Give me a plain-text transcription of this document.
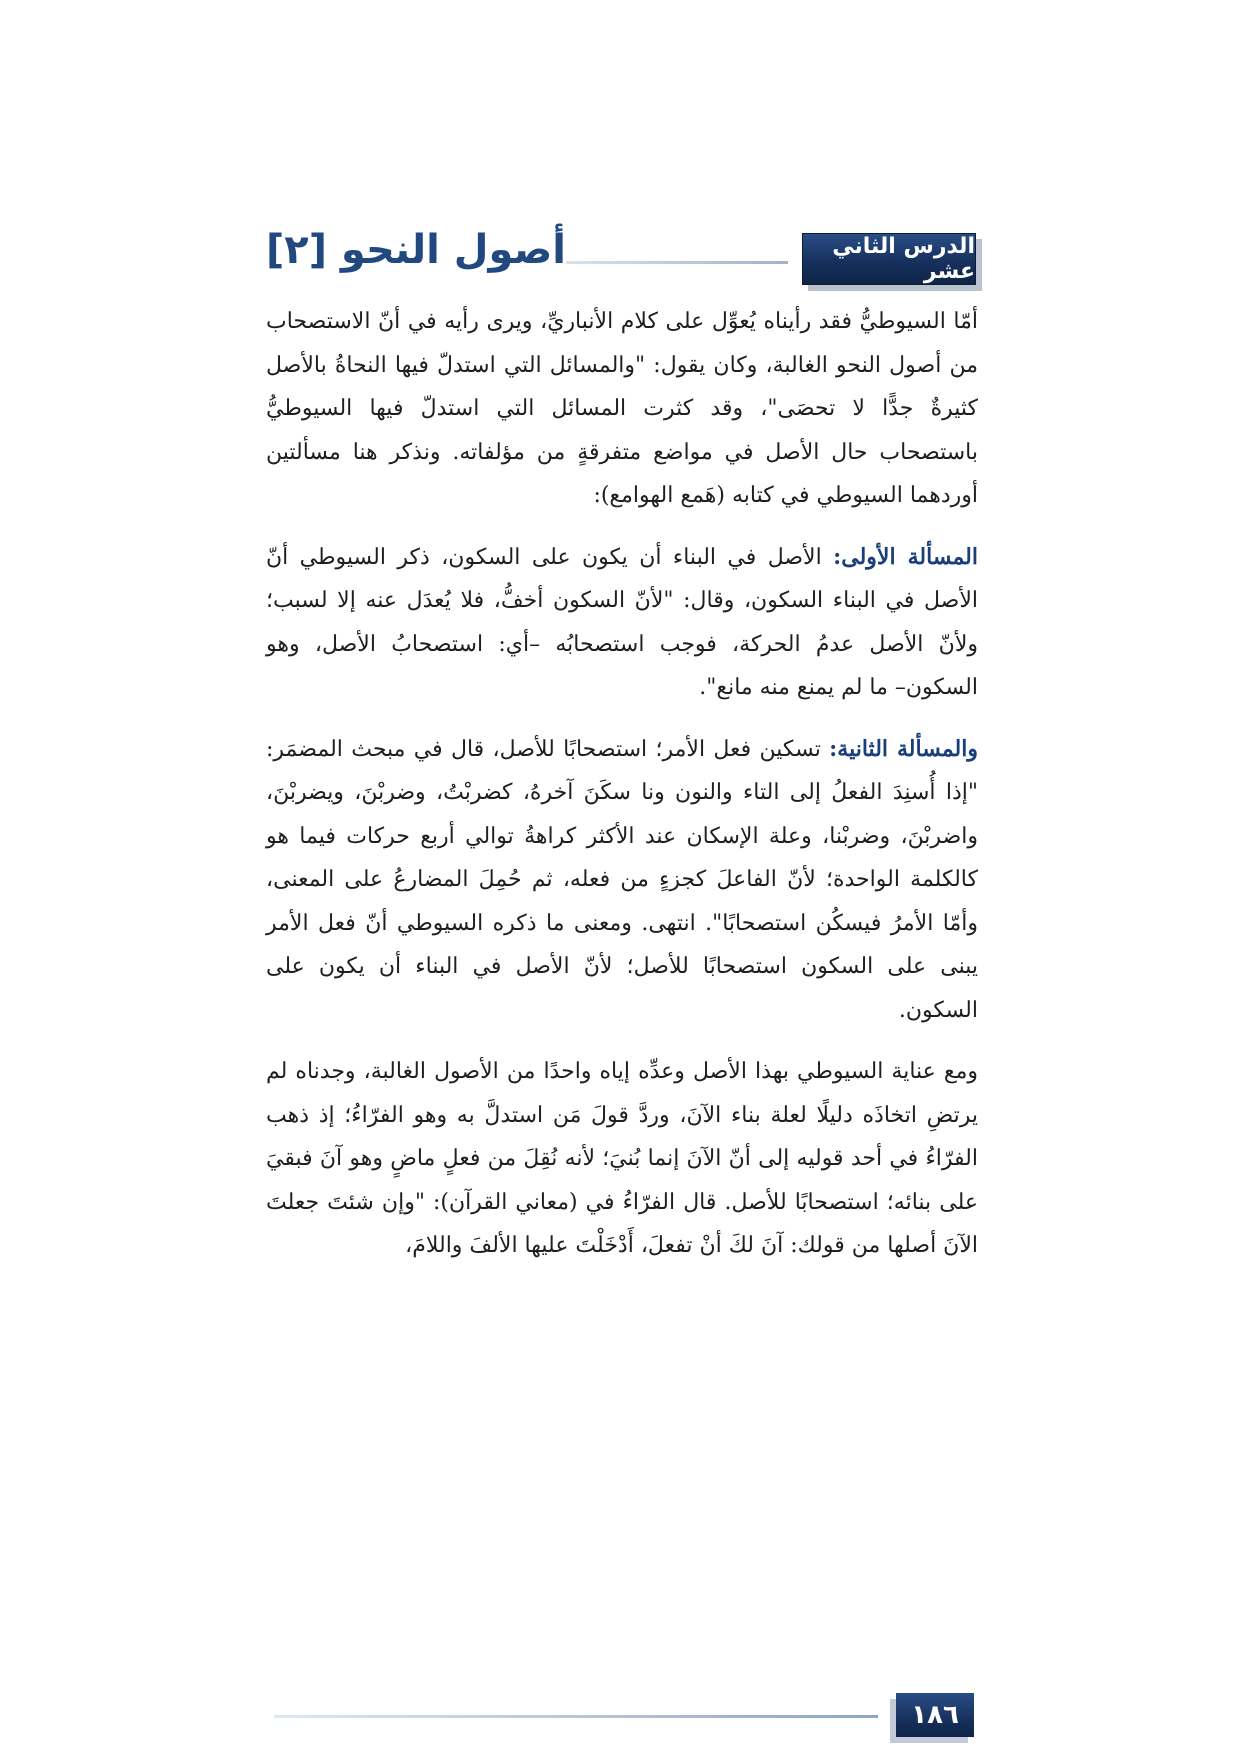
الدرس الثاني عشر
أصول النحو [٢]

أمّا السيوطيُّ فقد رأيناه يُعوِّل على كلام الأنباريِّ، ويرى رأيه في أنّ الاستصحاب من أصول النحو الغالبة، وكان يقول: "والمسائل التي استدلّ فيها النحاةُ بالأصل كثيرةٌ جدًّا لا تحصَى"، وقد كثرت المسائل التي استدلّ فيها السيوطيُّ باستصحاب حال الأصل في مواضع متفرقةٍ من مؤلفاته. ونذكر هنا مسألتين أوردهما السيوطي في كتابه (هَمع الهوامع):

المسألة الأولى: الأصل في البناء أن يكون على السكون، ذكر السيوطي أنّ الأصل في البناء السكون، وقال: "لأنّ السكون أخفُّ، فلا يُعدَل عنه إلا لسبب؛ ولأنّ الأصل عدمُ الحركة، فوجب استصحابُه –أي: استصحابُ الأصل، وهو السكون– ما لم يمنع منه مانع".

والمسألة الثانية: تسكين فعل الأمر؛ استصحابًا للأصل، قال في مبحث المضمَر: "إذا أُسنِدَ الفعلُ إلى التاء والنون ونا سكَنَ آخرهُ، كضربْتُ، وضربْنَ، ويضربْنَ، واضربْنَ، وضربْنا، وعلة الإسكان عند الأكثر كراهةُ توالي أربع حركات فيما هو كالكلمة الواحدة؛ لأنّ الفاعلَ كجزءٍ من فعله، ثم حُمِلَ المضارعُ على المعنى، وأمّا الأمرُ فيسكُن استصحابًا". انتهى. ومعنى ما ذكره السيوطي أنّ فعل الأمر يبنى على السكون استصحابًا للأصل؛ لأنّ الأصل في البناء أن يكون على السكون.

ومع عناية السيوطي بهذا الأصل وعدِّه إياه واحدًا من الأصول الغالبة، وجدناه لم يرتضِ اتخاذَه دليلًا لعلة بناء الآنَ، وردَّ قولَ مَن استدلَّ به وهو الفرّاءُ؛ إذ ذهب الفرّاءُ في أحد قوليه إلى أنّ الآنَ إنما بُنيَ؛ لأنه نُقِلَ من فعلٍ ماضٍ وهو آنَ فبقيَ على بنائه؛ استصحابًا للأصل. قال الفرّاءُ في (معاني القرآن): "وإن شئتَ جعلتَ الآنَ أصلها من قولك: آنَ لكَ أنْ تفعلَ، أَدْخَلْتَ عليها الألفَ واللامَ،

١٨٦
